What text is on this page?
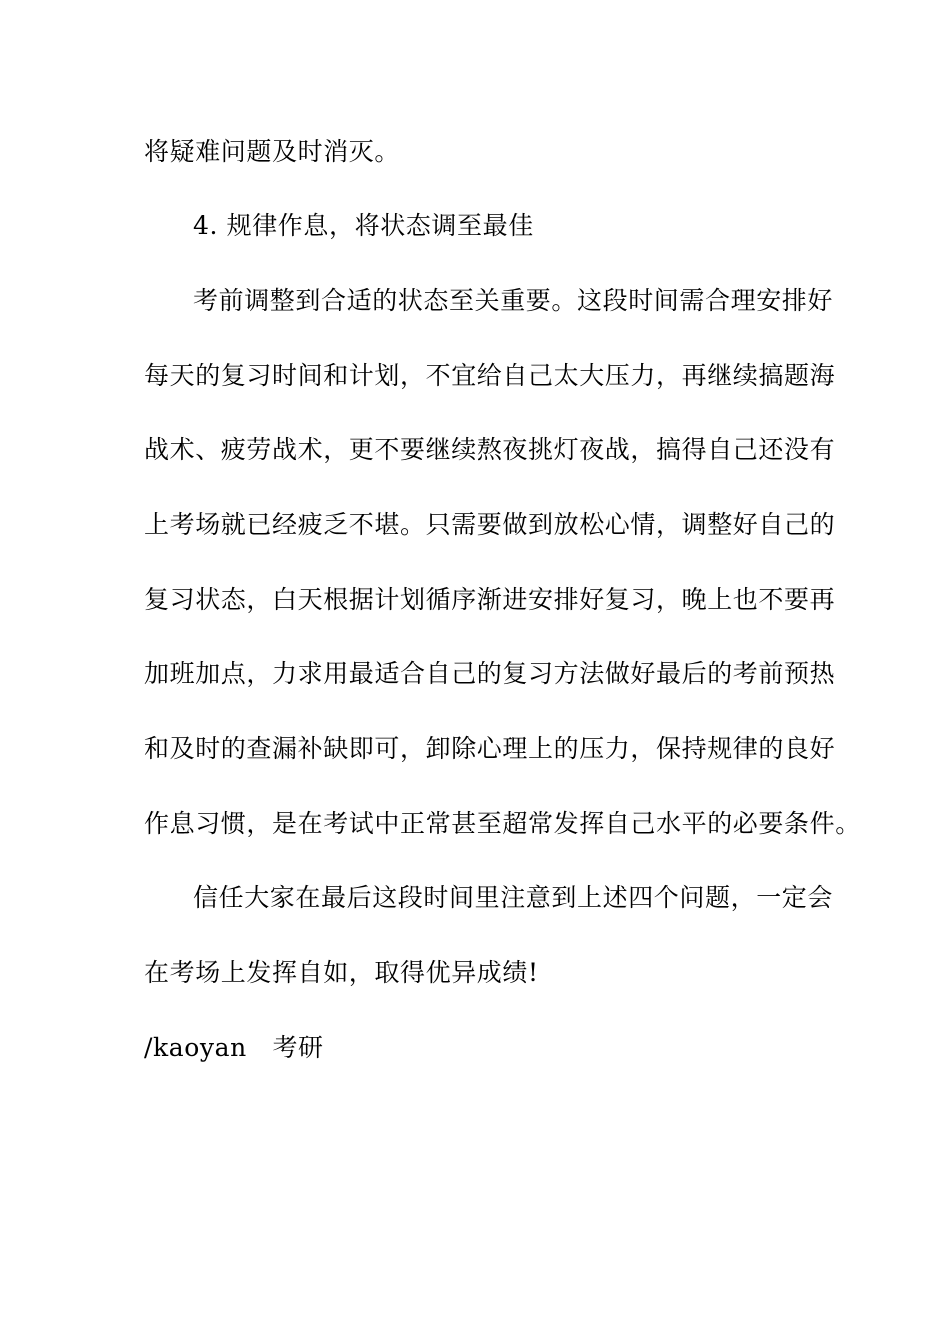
将疑难问题及时消灭。
4. 规律作息，将状态调至最佳
考前调整到合适的状态至关重要。这段时间需合理安排好
每天的复习时间和计划，不宜给自己太大压力，再继续搞题海
战术、疲劳战术，更不要继续熬夜挑灯夜战，搞得自己还没有
上考场就已经疲乏不堪。只需要做到放松心情，调整好自己的
复习状态，白天根据计划循序渐进安排好复习，晚上也不要再
加班加点，力求用最适合自己的复习方法做好最后的考前预热
和及时的查漏补缺即可，卸除心理上的压力，保持规律的良好
作息习惯，是在考试中正常甚至超常发挥自己水平的必要条件。
信任大家在最后这段时间里注意到上述四个问题，一定会
在考场上发挥自如，取得优异成绩!
/kaoyan　考研
